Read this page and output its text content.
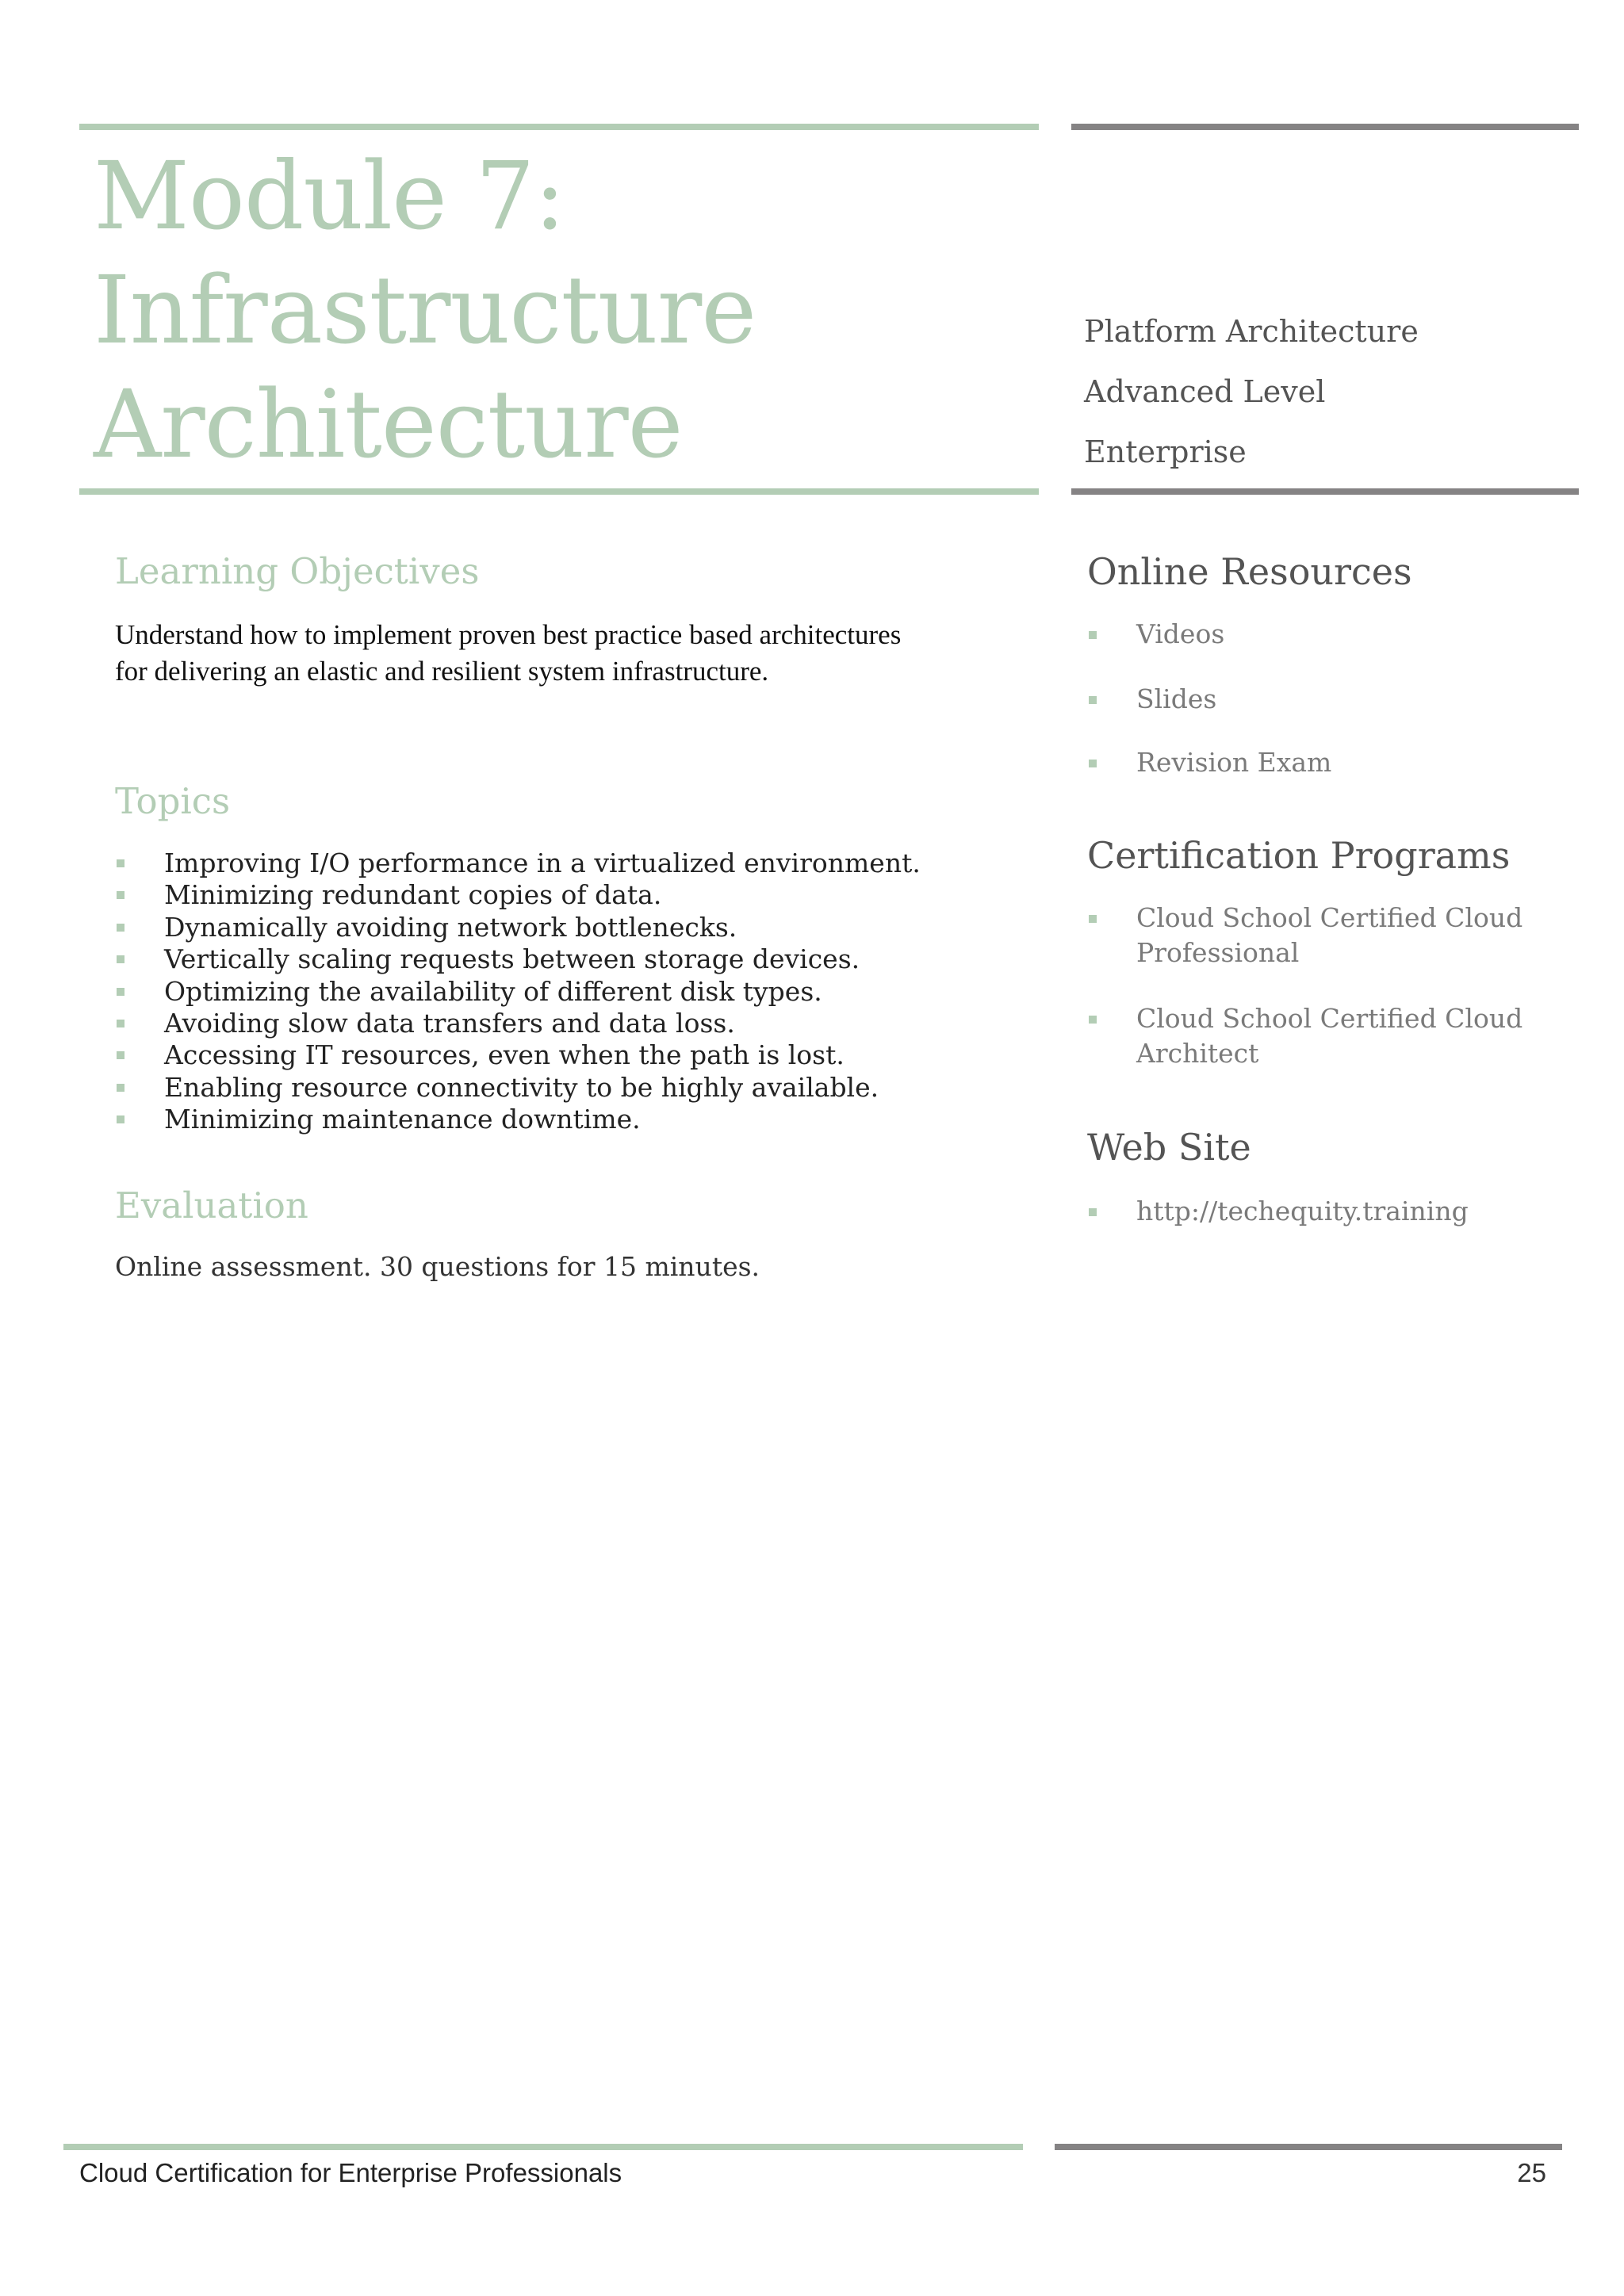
Module 7:
Infrastructure
Architecture
Platform Architecture
Advanced Level
Enterprise
Learning Objectives
Understand how to implement proven best practice based architectures for delivering an elastic and resilient system infrastructure.
Topics
Improving I/O performance in a virtualized environment.
Minimizing redundant copies of data.
Dynamically avoiding network bottlenecks.
Vertically scaling requests between storage devices.
Optimizing the availability of different disk types.
Avoiding slow data transfers and data loss.
Accessing IT resources, even when the path is lost.
Enabling resource connectivity to be highly available.
Minimizing maintenance downtime.
Evaluation
Online assessment. 30 questions for 15 minutes.
Online Resources
Videos
Slides
Revision Exam
Certification Programs
Cloud School Certified Cloud
Professional
Cloud School Certified Cloud
Architect
Web Site
http://techequity.training
Cloud Certification for Enterprise Professionals	25
